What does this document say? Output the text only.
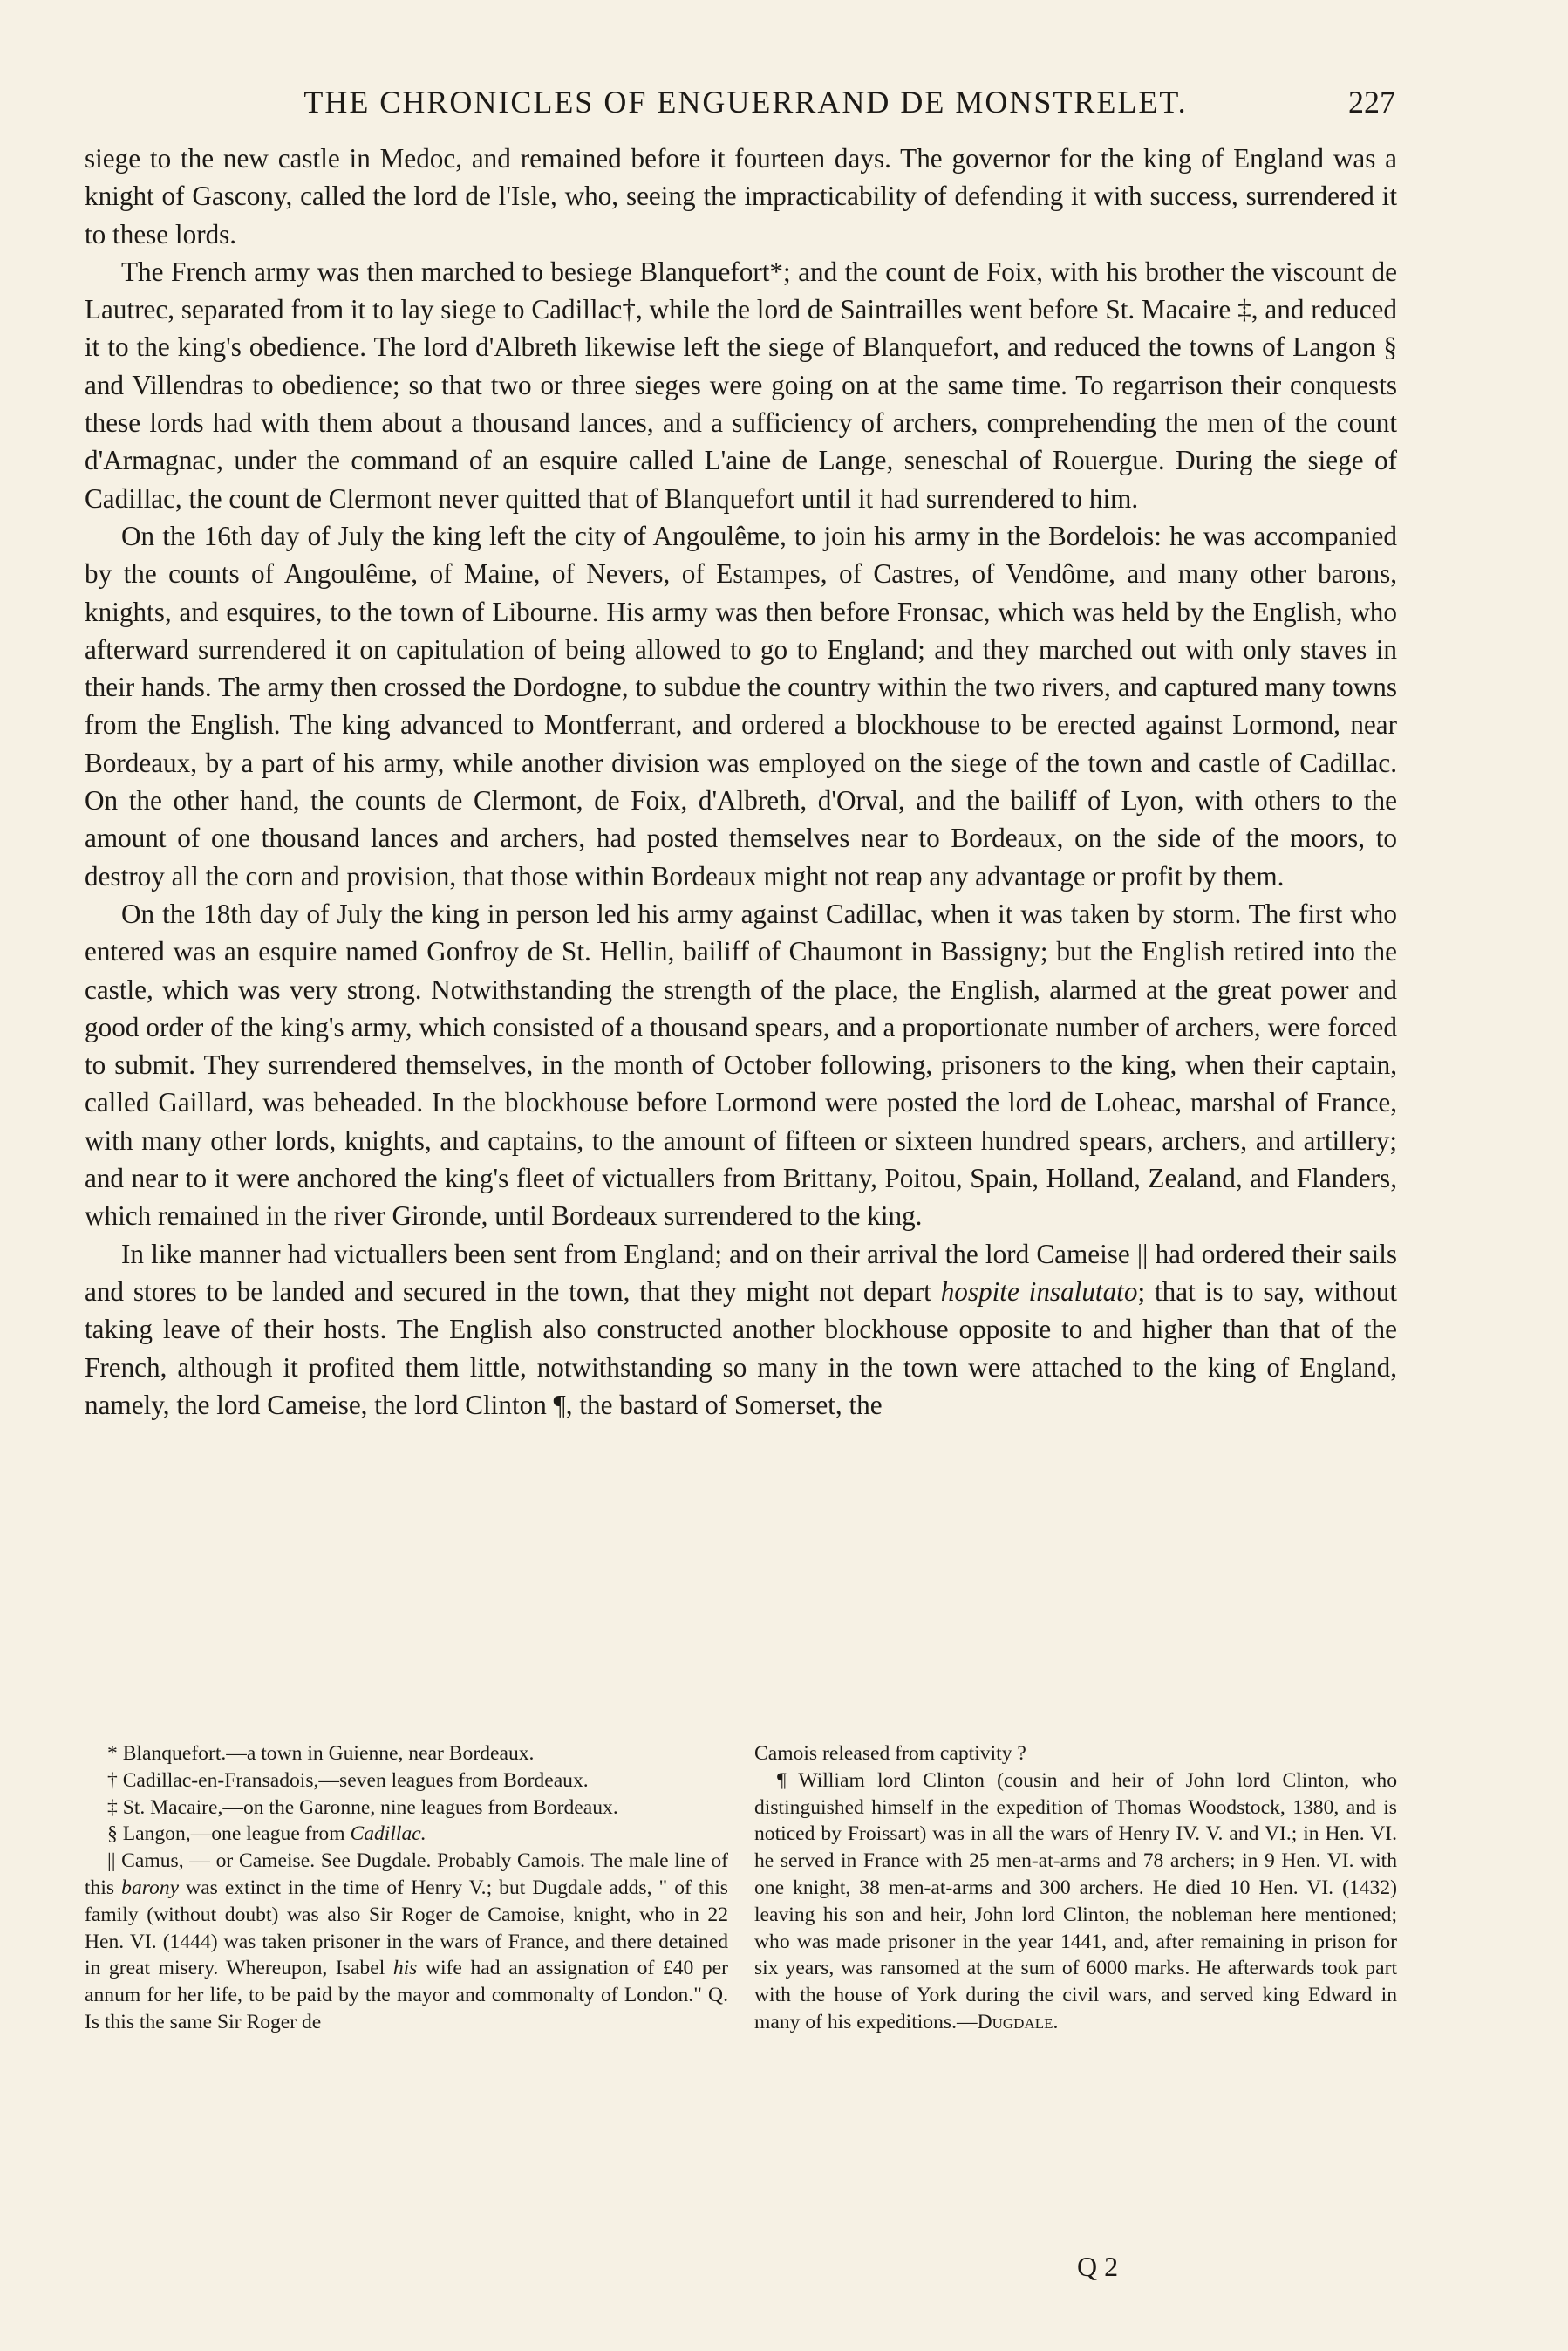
THE CHRONICLES OF ENGUERRAND DE MONSTRELET.	227

siege to the new castle in Medoc, and remained before it fourteen days. The governor for the king of England was a knight of Gascony, called the lord de l'Isle, who, seeing the impracticability of defending it with success, surrendered it to these lords.

The French army was then marched to besiege Blanquefort*; and the count de Foix, with his brother the viscount de Lautrec, separated from it to lay siege to Cadillac†, while the lord de Saintrailles went before St. Macaire ‡, and reduced it to the king's obedience. The lord d'Albreth likewise left the siege of Blanquefort, and reduced the towns of Langon § and Villendras to obedience; so that two or three sieges were going on at the same time. To regarrison their conquests these lords had with them about a thousand lances, and a sufficiency of archers, comprehending the men of the count d'Armagnac, under the command of an esquire called L'aine de Lange, seneschal of Rouergue. During the siege of Cadillac, the count de Clermont never quitted that of Blanquefort until it had surrendered to him.

On the 16th day of July the king left the city of Angoulême, to join his army in the Bordelois: he was accompanied by the counts of Angoulême, of Maine, of Nevers, of Estampes, of Castres, of Vendôme, and many other barons, knights, and esquires, to the town of Libourne. His army was then before Fronsac, which was held by the English, who afterward surrendered it on capitulation of being allowed to go to England; and they marched out with only staves in their hands. The army then crossed the Dordogne, to subdue the country within the two rivers, and captured many towns from the English. The king advanced to Montferrant, and ordered a blockhouse to be erected against Lormond, near Bordeaux, by a part of his army, while another division was employed on the siege of the town and castle of Cadillac. On the other hand, the counts de Clermont, de Foix, d'Albreth, d'Orval, and the bailiff of Lyon, with others to the amount of one thousand lances and archers, had posted themselves near to Bordeaux, on the side of the moors, to destroy all the corn and provision, that those within Bordeaux might not reap any advantage or profit by them.

On the 18th day of July the king in person led his army against Cadillac, when it was taken by storm. The first who entered was an esquire named Gonfroy de St. Hellin, bailiff of Chaumont in Bassigny; but the English retired into the castle, which was very strong. Notwithstanding the strength of the place, the English, alarmed at the great power and good order of the king's army, which consisted of a thousand spears, and a proportionate number of archers, were forced to submit. They surrendered themselves, in the month of October following, prisoners to the king, when their captain, called Gaillard, was beheaded. In the blockhouse before Lormond were posted the lord de Loheac, marshal of France, with many other lords, knights, and captains, to the amount of fifteen or sixteen hundred spears, archers, and artillery; and near to it were anchored the king's fleet of victuallers from Brittany, Poitou, Spain, Holland, Zealand, and Flanders, which remained in the river Gironde, until Bordeaux surrendered to the king.

In like manner had victuallers been sent from England; and on their arrival the lord Cameise || had ordered their sails and stores to be landed and secured in the town, that they might not depart hospite insalutato; that is to say, without taking leave of their hosts. The English also constructed another blockhouse opposite to and higher than that of the French, although it profited them little, notwithstanding so many in the town were attached to the king of England, namely, the lord Cameise, the lord Clinton ¶, the bastard of Somerset, the

* Blanquefort.—a town in Guienne, near Bordeaux.

† Cadillac-en-Fransadois,—seven leagues from Bordeaux.

‡ St. Macaire,—on the Garonne, nine leagues from Bordeaux.

§ Langon,—one league from Cadillac.

|| Camus, — or Cameise. See Dugdale. Probably Camois. The male line of this barony was extinct in the time of Henry V.; but Dugdale adds, " of this family (without doubt) was also Sir Roger de Camoise, knight, who in 22 Hen. VI. (1444) was taken prisoner in the wars of France, and there detained in great misery. Whereupon, Isabel his wife had an assignation of £40 per annum for her life, to be paid by the mayor and commonalty of London." Q. Is this the same Sir Roger de

Camois released from captivity ?

¶ William lord Clinton (cousin and heir of John lord Clinton, who distinguished himself in the expedition of Thomas Woodstock, 1380, and is noticed by Froissart) was in all the wars of Henry IV. V. and VI.; in Hen. VI. he served in France with 25 men-at-arms and 78 archers; in 9 Hen. VI. with one knight, 38 men-at-arms and 300 archers. He died 10 Hen. VI. (1432) leaving his son and heir, John lord Clinton, the nobleman here mentioned; who was made prisoner in the year 1441, and, after remaining in prison for six years, was ransomed at the sum of 6000 marks. He afterwards took part with the house of York during the civil wars, and served king Edward in many of his expeditions.—Dugdale.

Q 2
